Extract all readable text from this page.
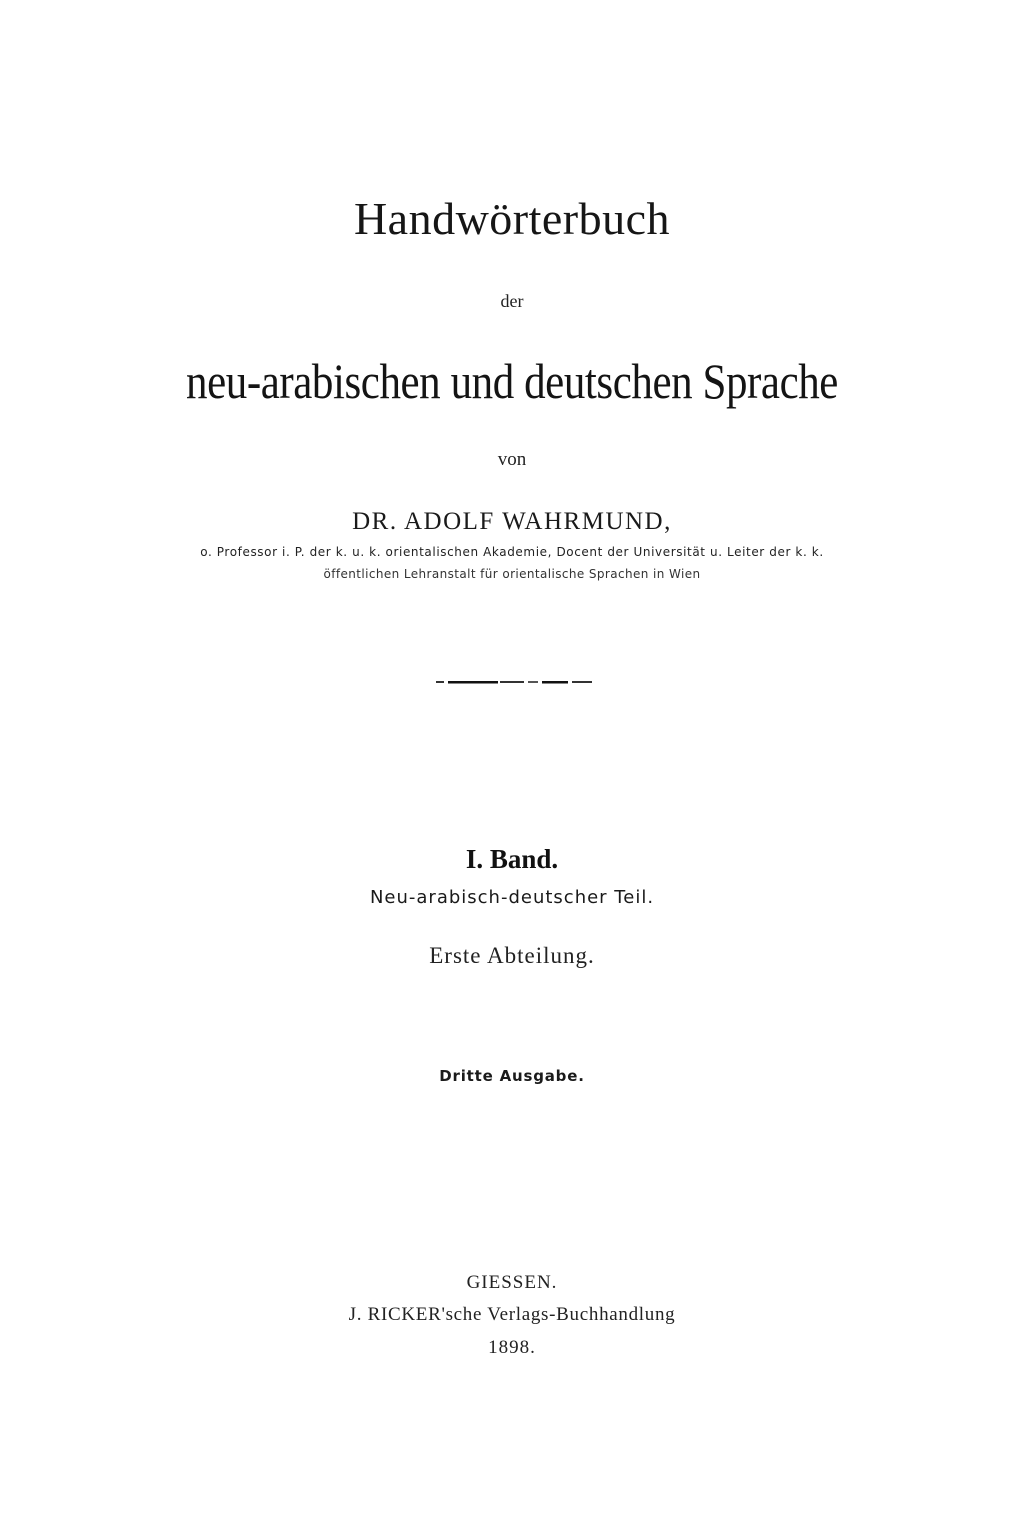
Handwörterbuch
der
neu-arabischen und deutschen Sprache
von
DR. ADOLF WAHRMUND,
o. Professor i. P. der k. u. k. orientalischen Akademie, Docent der Universität u. Leiter der k. k.
öffentlichen Lehranstalt für orientalische Sprachen in Wien
I. Band.
Neu-arabisch-deutscher Teil.
Erste Abteilung.
Dritte Ausgabe.
GIESSEN.
J. RICKER'sche Verlags-Buchhandlung
1898.
